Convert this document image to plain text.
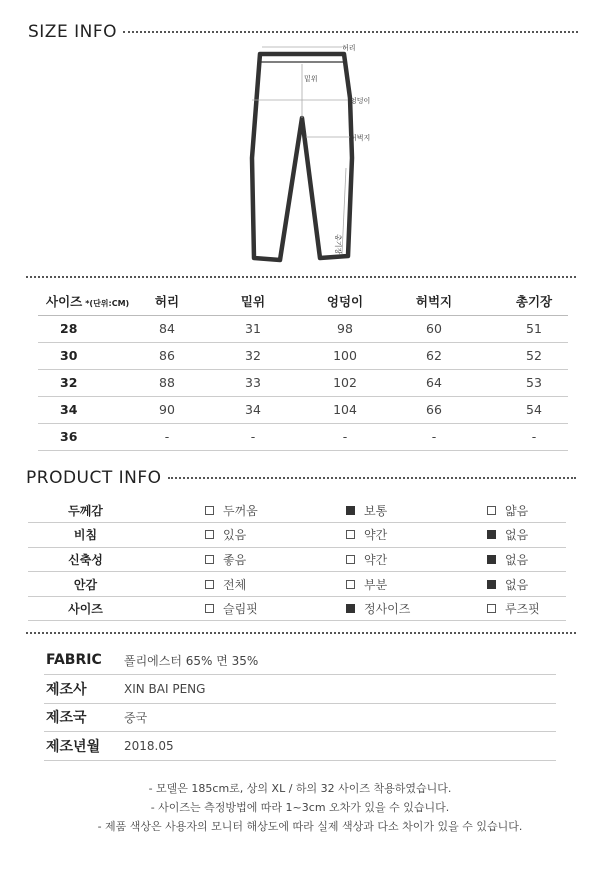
SIZE INFO
허리
밑위
엉덩이
허벅지
총기장
사이즈 *(단위:CM)	허리	밑위	엉덩이	허벅지	총기장
28	84	31	98	60	51
30	86	32	100	62	52
32	88	33	102	64	53
34	90	34	104	66	54
36	-	-	-	-	-
PRODUCT INFO
두께감	두꺼움	보통	얇음

비침	있음	약간	없음

신축성	좋음	약간	없음

안감	전체	부분	없음

사이즈	슬림핏	정사이즈	루즈핏
FABRIC	폴리에스터 65% 면 35%
제조사	XIN BAI PENG
제조국	중국
제조년월	2018.05
- 모델은 185cm로, 상의 XL / 하의 32 사이즈 착용하였습니다.
- 사이즈는 측정방법에 따라 1~3cm 오차가 있을 수 있습니다.
- 제품 색상은 사용자의 모니터 해상도에 따라 실제 색상과 다소 차이가 있을 수 있습니다.
